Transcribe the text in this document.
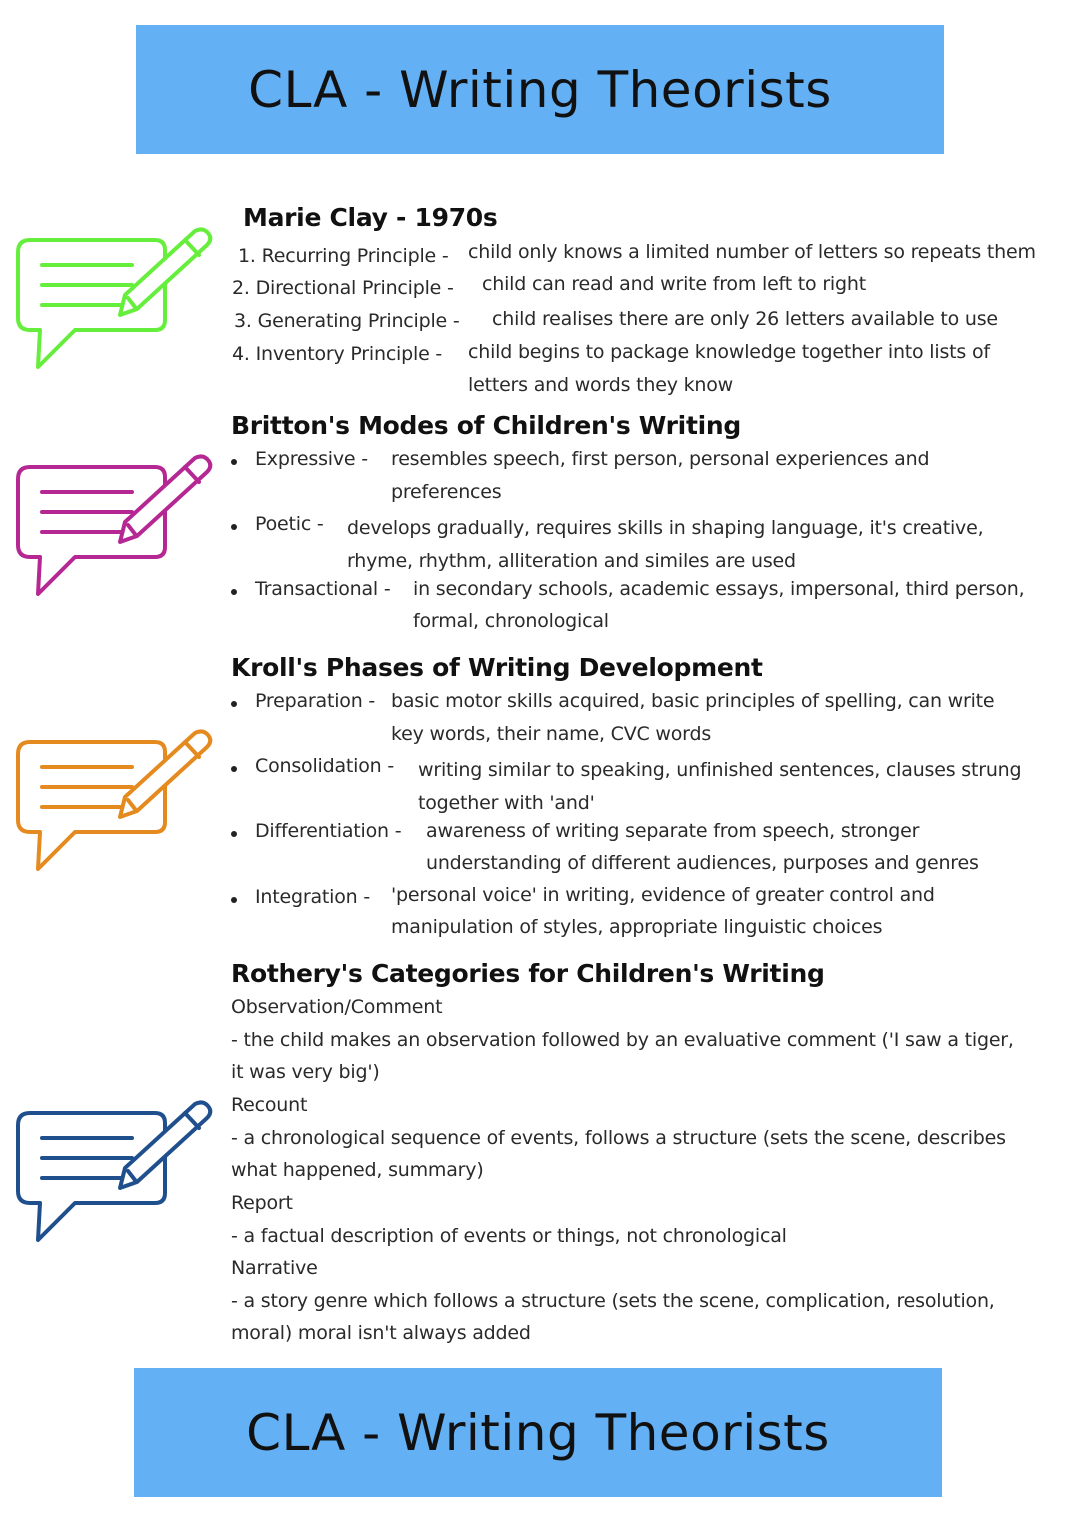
CLA - Writing Theorists
Marie Clay - 1970s
1. Recurring Principle - child only knows a limited number of letters so repeats them
2. Directional Principle - child can read and write from left to right
3. Generating Principle - child realises there are only 26 letters available to use
4. Inventory Principle - child begins to package knowledge together into lists of
letters and words they know
Britton's Modes of Children's Writing
Expressive - resembles speech, first person, personal experiences and
preferences
Poetic - develops gradually, requires skills in shaping language, it's creative,
rhyme, rhythm, alliteration and similes are used
Transactional - in secondary schools, academic essays, impersonal, third person,
formal, chronological
Kroll's Phases of Writing Development
Preparation - basic motor skills acquired, basic principles of spelling, can write
key words, their name, CVC words
Consolidation - writing similar to speaking, unfinished sentences, clauses strung
together with 'and'
Differentiation - awareness of writing separate from speech, stronger
understanding of different audiences, purposes and genres
Integration - 'personal voice' in writing, evidence of greater control and
manipulation of styles, appropriate linguistic choices
Rothery's Categories for Children's Writing
Observation/Comment
- the child makes an observation followed by an evaluative comment ('I saw a tiger,
it was very big')
Recount
- a chronological sequence of events, follows a structure (sets the scene, describes
what happened, summary)
Report
- a factual description of events or things, not chronological
Narrative
- a story genre which follows a structure (sets the scene, complication, resolution,
moral) moral isn't always added
CLA - Writing Theorists
